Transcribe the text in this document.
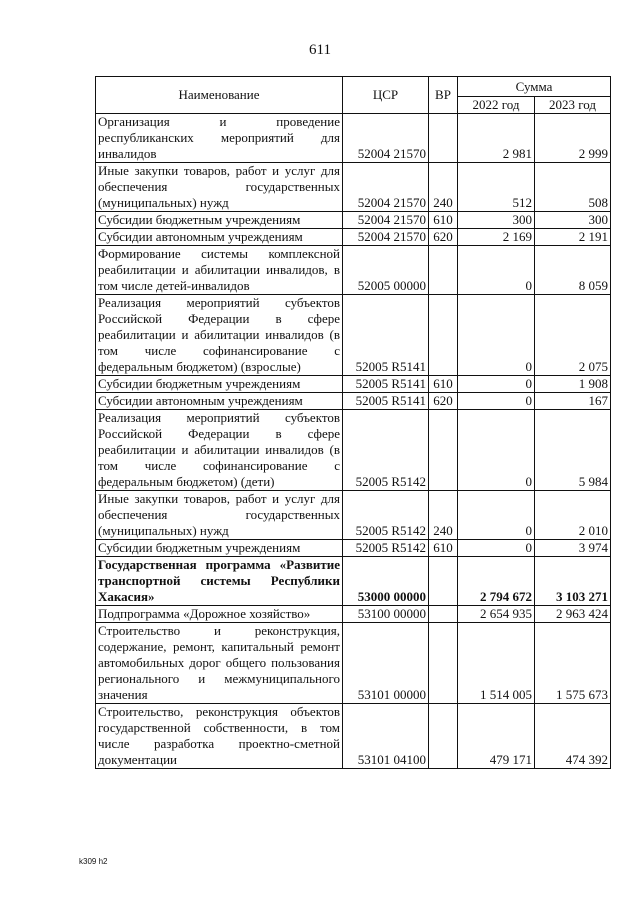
611
Наименование	ЦСР	ВР	Сумма	
			2022 год	2023 год
Организация и проведение республиканских мероприятий для инвалидов	52004 21570		2 981	2 999
Иные закупки товаров, работ и услуг для обеспечения государственных (муниципальных) нужд	52004 21570	240	512	508
Субсидии бюджетным учреждениям	52004 21570	610	300	300
Субсидии автономным учреждениям	52004 21570	620	2 169	2 191
Формирование системы комплексной реабилитации и абилитации инвалидов, в том числе детей-инвалидов	52005 00000		0	8 059
Реализация мероприятий субъектов Российской Федерации в сфере реабилитации и абилитации инвалидов (в том числе софинансирование с федеральным бюджетом) (взрослые)	52005 R5141		0	2 075
Субсидии бюджетным учреждениям	52005 R5141	610	0	1 908
Субсидии автономным учреждениям	52005 R5141	620	0	167
Реализация мероприятий субъектов Российской Федерации в сфере реабилитации и абилитации инвалидов (в том числе софинансирование с федеральным бюджетом) (дети)	52005 R5142		0	5 984
Иные закупки товаров, работ и услуг для обеспечения государственных (муниципальных) нужд	52005 R5142	240	0	2 010
Субсидии бюджетным учреждениям	52005 R5142	610	0	3 974
Государственная программа «Развитие транспортной системы Республики Хакасия»	53000 00000		2 794 672	3 103 271
Подпрограмма «Дорожное хозяйство»	53100 00000		2 654 935	2 963 424
Строительство и реконструкция, содержание, ремонт, капитальный ремонт автомобильных дорог общего пользования регионального и межмуниципального значения	53101 00000		1 514 005	1 575 673
Строительство, реконструкция объектов государственной собственности, в том числе разработка проектно-сметной документации	53101 04100		479 171	474 392
k309 h2
